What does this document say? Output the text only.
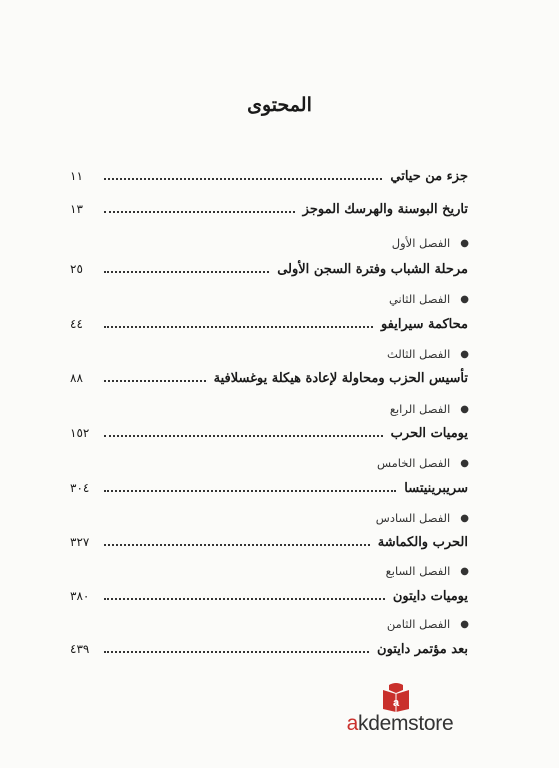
المحتوى
جزء من حياتي
١١
تاريخ البوسنة والهرسك الموجز
١٣
●
الفصل الأول
مرحلة الشباب وفترة السجن الأولى
٢٥
●
الفصل الثاني
محاكمة سيرايفو
٤٤
●
الفصل الثالث
تأسيس الحزب ومحاولة لإعادة هيكلة يوغسلافية
٨٨
●
الفصل الرابع
يوميات الحرب
١٥٢
●
الفصل الخامس
سريبرينيتسا
٣٠٤
●
الفصل السادس
الحرب والكماشة
٣٢٧
●
الفصل السابع
يوميات دايتون
٣٨٠
●
الفصل الثامن
بعد مؤتمر دايتون
٤٣٩
a
akdemstore
